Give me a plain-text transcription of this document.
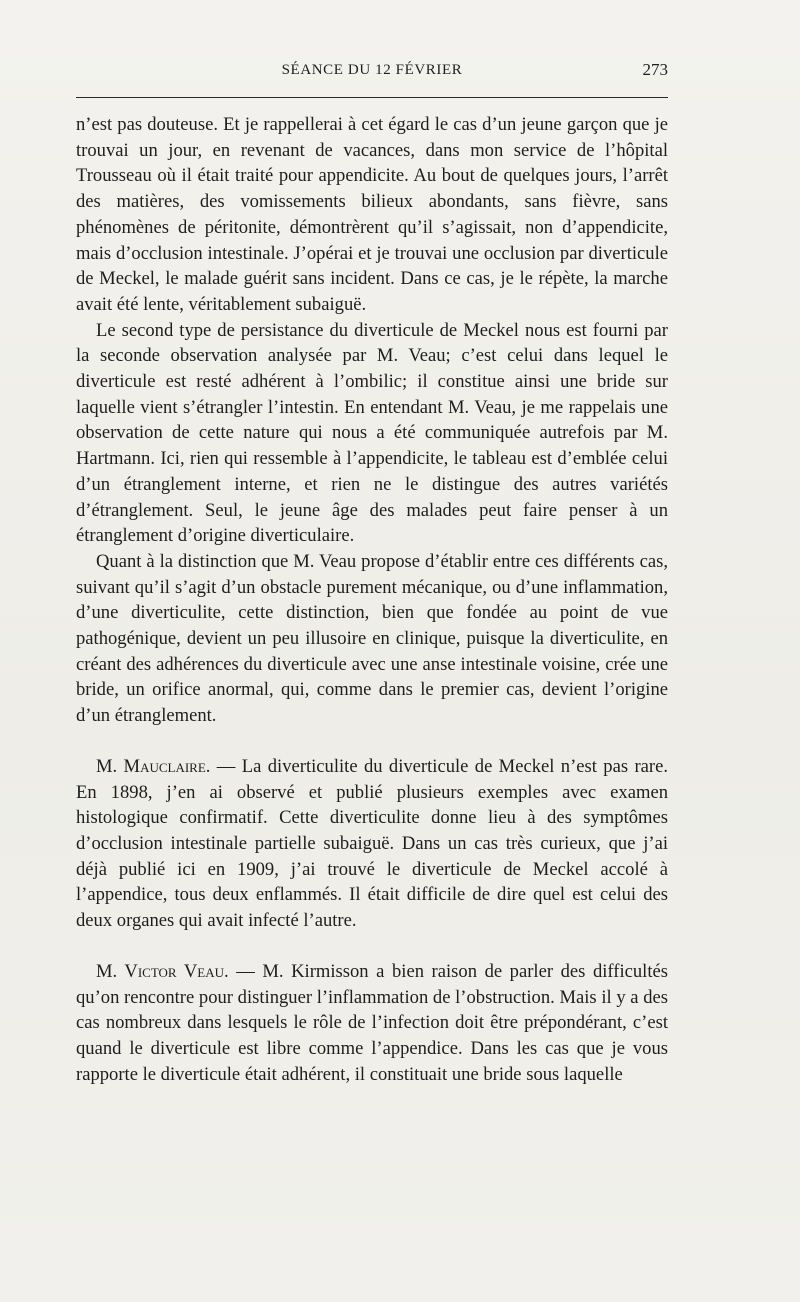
SÉANCE DU 12 FÉVRIER	273

n’est pas douteuse. Et je rappellerai à cet égard le cas d’un jeune garçon que je trouvai un jour, en revenant de vacances, dans mon service de l’hôpital Trousseau où il était traité pour appendicite. Au bout de quelques jours, l’arrêt des matières, des vomissements bilieux abondants, sans fièvre, sans phénomènes de péritonite, démontrèrent qu’il s’agissait, non d’appendicite, mais d’occlusion intestinale. J’opérai et je trouvai une occlusion par diverticule de Meckel, le malade guérit sans incident. Dans ce cas, je le répète, la marche avait été lente, véritablement subaiguë.

Le second type de persistance du diverticule de Meckel nous est fourni par la seconde observation analysée par M. Veau; c’est celui dans lequel le diverticule est resté adhérent à l’ombilic; il constitue ainsi une bride sur laquelle vient s’étrangler l’intestin. En entendant M. Veau, je me rappelais une observation de cette nature qui nous a été communiquée autrefois par M. Hartmann. Ici, rien qui ressemble à l’appendicite, le tableau est d’emblée celui d’un étranglement interne, et rien ne le distingue des autres variétés d’étranglement. Seul, le jeune âge des malades peut faire penser à un étranglement d’origine diverticulaire.

Quant à la distinction que M. Veau propose d’établir entre ces différents cas, suivant qu’il s’agit d’un obstacle purement mécanique, ou d’une inflammation, d’une diverticulite, cette distinction, bien que fondée au point de vue pathogénique, devient un peu illusoire en clinique, puisque la diverticulite, en créant des adhérences du diverticule avec une anse intestinale voisine, crée une bride, un orifice anormal, qui, comme dans le premier cas, devient l’origine d’un étranglement.

M. Mauclaire. — La diverticulite du diverticule de Meckel n’est pas rare. En 1898, j’en ai observé et publié plusieurs exemples avec examen histologique confirmatif. Cette diverticulite donne lieu à des symptômes d’occlusion intestinale partielle subaiguë. Dans un cas très curieux, que j’ai déjà publié ici en 1909, j’ai trouvé le diverticule de Meckel accolé à l’appendice, tous deux enflammés. Il était difficile de dire quel est celui des deux organes qui avait infecté l’autre.

M. Victor Veau. — M. Kirmisson a bien raison de parler des difficultés qu’on rencontre pour distinguer l’inflammation de l’obstruction. Mais il y a des cas nombreux dans lesquels le rôle de l’infection doit être prépondérant, c’est quand le diverticule est libre comme l’appendice. Dans les cas que je vous rapporte le diverticule était adhérent, il constituait une bride sous laquelle
